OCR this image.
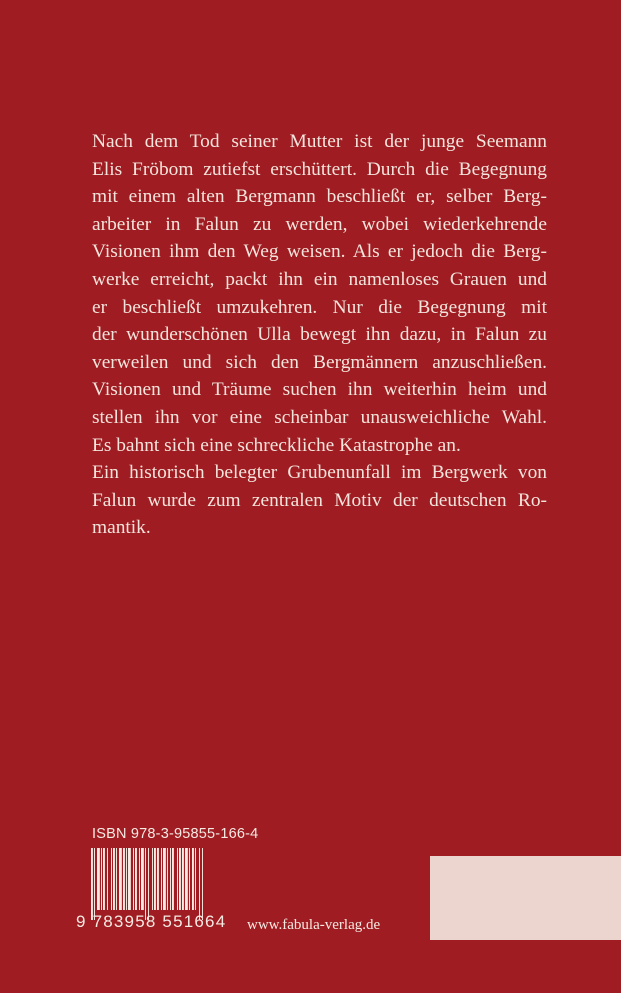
Nach dem Tod seiner Mutter ist der junge Seemann
Elis Fröbom zutiefst erschüttert. Durch die Begegnung
mit einem alten Bergmann beschließt er, selber Berg-
arbeiter in Falun zu werden, wobei wiederkehrende
Visionen ihm den Weg weisen. Als er jedoch die Berg-
werke erreicht, packt ihn ein namenloses Grauen und
er beschließt umzukehren. Nur die Begegnung mit
der wunderschönen Ulla bewegt ihn dazu, in Falun zu
verweilen und sich den Bergmännern anzuschließen.
Visionen und Träume suchen ihn weiterhin heim und
stellen ihn vor eine scheinbar unausweichliche Wahl.
Es bahnt sich eine schreckliche Katastrophe an.

Ein historisch belegter Grubenunfall im Bergwerk von
Falun wurde zum zentralen Motiv der deutschen Ro-
mantik.

ISBN 978-3-95855-166-4
9 783958 551664 www.fabula-verlag.de
